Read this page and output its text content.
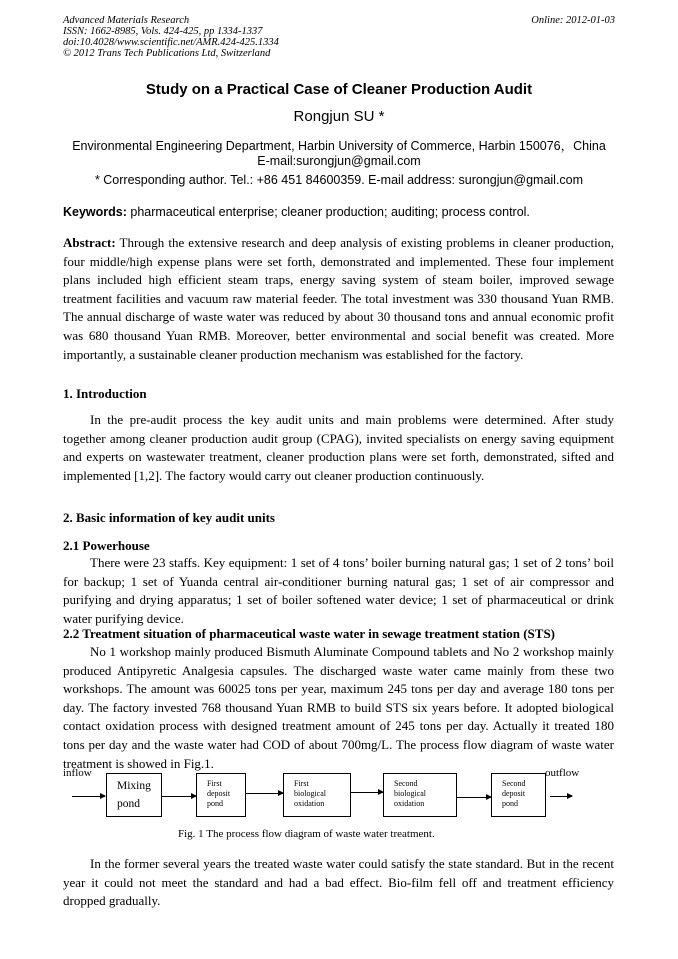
Advanced Materials Research
ISSN: 1662-8985, Vols. 424-425, pp 1334-1337
doi:10.4028/www.scientific.net/AMR.424-425.1334
© 2012 Trans Tech Publications Ltd, Switzerland
Online: 2012-01-03
Study on a Practical Case of Cleaner Production Audit
Rongjun SU *
Environmental Engineering Department, Harbin University of Commerce, Harbin 150076，China
E-mail:surongjun@gmail.com
* Corresponding author. Tel.: +86 451 84600359. E-mail address: surongjun@gmail.com
Keywords: pharmaceutical enterprise; cleaner production; auditing; process control.
Abstract: Through the extensive research and deep analysis of existing problems in cleaner production, four middle/high expense plans were set forth, demonstrated and implemented. These four implement plans included high efficient steam traps, energy saving system of steam boiler, improved sewage treatment facilities and vacuum raw material feeder. The total investment was 330 thousand Yuan RMB. The annual discharge of waste water was reduced by about 30 thousand tons and annual economic profit was 680 thousand Yuan RMB. Moreover, better environmental and social benefit was created. More importantly, a sustainable cleaner production mechanism was established for the factory.
1. Introduction
In the pre-audit process the key audit units and main problems were determined. After study together among cleaner production audit group (CPAG), invited specialists on energy saving equipment and experts on wastewater treatment, cleaner production plans were set forth, demonstrated, sifted and implemented [1,2]. The factory would carry out cleaner production continuously.
2. Basic information of key audit units
2.1 Powerhouse
There were 23 staffs. Key equipment: 1 set of 4 tons’ boiler burning natural gas; 1 set of 2 tons’ boil for backup; 1 set of Yuanda central air-conditioner burning natural gas; 1 set of air compressor and purifying and drying apparatus; 1 set of boiler softened water device; 1 set of pharmaceutical or drink water purifying device.
2.2 Treatment situation of pharmaceutical waste water in sewage treatment station (STS)
No 1 workshop mainly produced Bismuth Aluminate Compound tablets and No 2 workshop mainly produced Antipyretic Analgesia capsules. The discharged waste water came mainly from these two workshops. The amount was 60025 tons per year, maximum 245 tons per day and average 180 tons per day. The factory invested 768 thousand Yuan RMB to build STS six years before. It adopted biological contact oxidation process with designed treatment amount of 245 tons per day. Actually it treated 180 tons per day and the waste water had COD of about 700mg/L. The process flow diagram of waste water treatment is showed in Fig.1.
inflow	outflow
Mixing
pond
First
deposit
pond
First
biological
oxidation
Second
biological
oxidation
Second
deposit
pond
Fig. 1 The process flow diagram of waste water treatment.
In the former several years the treated waste water could satisfy the state standard. But in the recent year it could not meet the standard and had a bad effect. Bio-film fell off and treatment efficiency dropped gradually.
